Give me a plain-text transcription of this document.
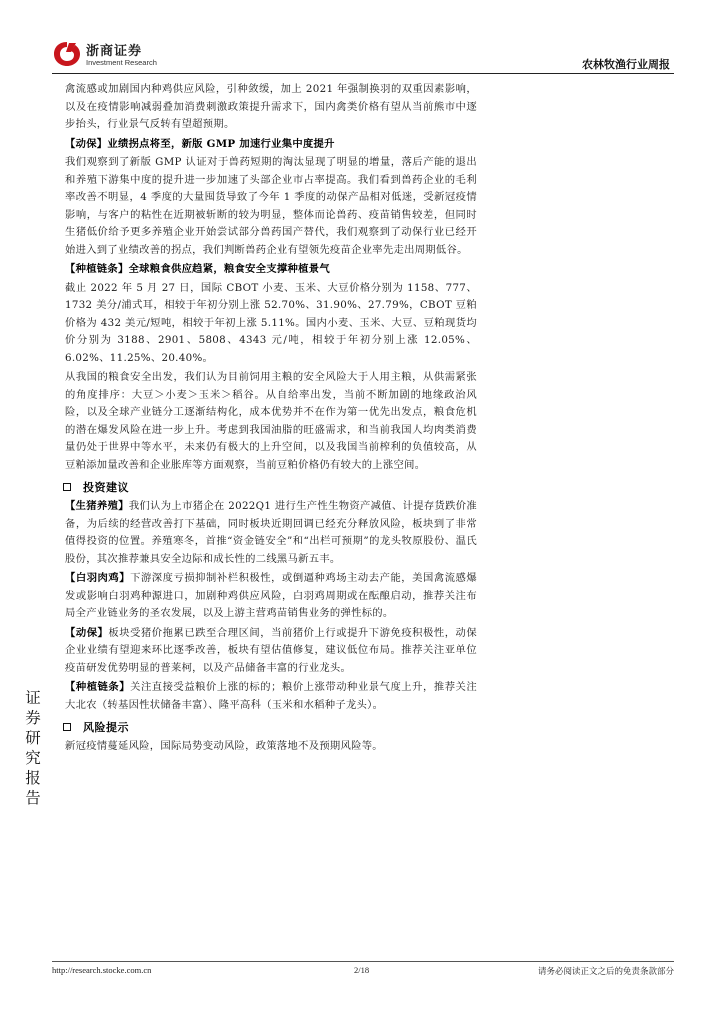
浙商证券
Investment Research	农林牧渔行业周报

禽流感或加剧国内种鸡供应风险，引种敛缓，加上 2021 年强制换羽的双重因素影响，以及在疫情影响减弱叠加消费刺激政策提升需求下，国内禽类价格有望从当前熊市中逐步抬头，行业景气反转有望超预期。

【动保】业绩拐点将至，新版 GMP 加速行业集中度提升

我们观察到了新版 GMP 认证对于兽药短期的淘汰显现了明显的增量，落后产能的退出和养殖下游集中度的提升进一步加速了头部企业市占率提高。我们看到兽药企业的毛利率改善不明显，4 季度的大量囤货导致了今年 1 季度的动保产品相对低迷，受新冠疫情影响，与客户的粘性在近期被斩断的较为明显，整体而论兽药、疫苗销售较差，但同时生猪低价给予更多养殖企业开始尝试部分兽药国产替代，我们观察到了动保行业已经开始进入到了业绩改善的拐点，我们判断兽药企业有望领先疫苗企业率先走出周期低谷。

【种植链条】全球粮食供应趋紧，粮食安全支撑种植景气

截止 2022 年 5 月 27 日，国际 CBOT 小麦、玉米、大豆价格分别为 1158、777、1732 美分/浦式耳，相较于年初分别上涨 52.70%、31.90%、27.79%，CBOT 豆粕价格为 432 美元/短吨，相较于年初上涨 5.11%。国内小麦、玉米、大豆、豆粕现货均价分别为 3188、2901、5808、4343 元/吨，相较于年初分别上涨 12.05%、6.02%、11.25%、20.40%。

从我国的粮食安全出发，我们认为目前饲用主粮的安全风险大于人用主粮，从供需紧张的角度排序：大豆＞小麦＞玉米＞稻谷。从自给率出发，当前不断加剧的地缘政治风险，以及全球产业链分工逐渐结构化，成本优势并不在作为第一优先出发点，粮食危机的潜在爆发风险在进一步上升。考虑到我国油脂的旺盛需求，和当前我国人均肉类消费量仍处于世界中等水平，未来仍有极大的上升空间，以及我国当前榨利的负值较高，从豆粕添加量改善和企业胀库等方面观察，当前豆粕价格仍有较大的上涨空间。

投资建议

【生猪养殖】我们认为上市猪企在 2022Q1 进行生产性生物资产减值、计提存货跌价准备，为后续的经营改善打下基础，同时板块近期回调已经充分释放风险，板块到了非常值得投资的位置。养殖寒冬，首推“资金链安全”和“出栏可预期”的龙头牧原股份、温氏股份，其次推荐兼具安全边际和成长性的二线黑马新五丰。

【白羽肉鸡】下游深度亏损抑制补栏积极性，或倒逼种鸡场主动去产能，美国禽流感爆发或影响白羽鸡种源进口，加剧种鸡供应风险，白羽鸡周期或在酝酿启动，推荐关注布局全产业链业务的圣农发展，以及上游主营鸡苗销售业务的弹性标的。

【动保】板块受猪价拖累已跌至合理区间，当前猪价上行或提升下游免疫积极性，动保企业业绩有望迎来环比逐季改善，板块有望估值修复，建议低位布局。推荐关注亚单位疫苗研发优势明显的普莱柯，以及产品储备丰富的行业龙头。

【种植链条】关注直接受益粮价上涨的标的；粮价上涨带动种业景气度上升，推荐关注大北农（转基因性状储备丰富）、隆平高科（玉米和水稻种子龙头）。

风险提示

新冠疫情蔓延风险，国际局势变动风险，政策落地不及预期风险等。

证
券
研
究
报
告
http://research.stocke.com.cn	2/18	请务必阅读正文之后的免责条款部分
